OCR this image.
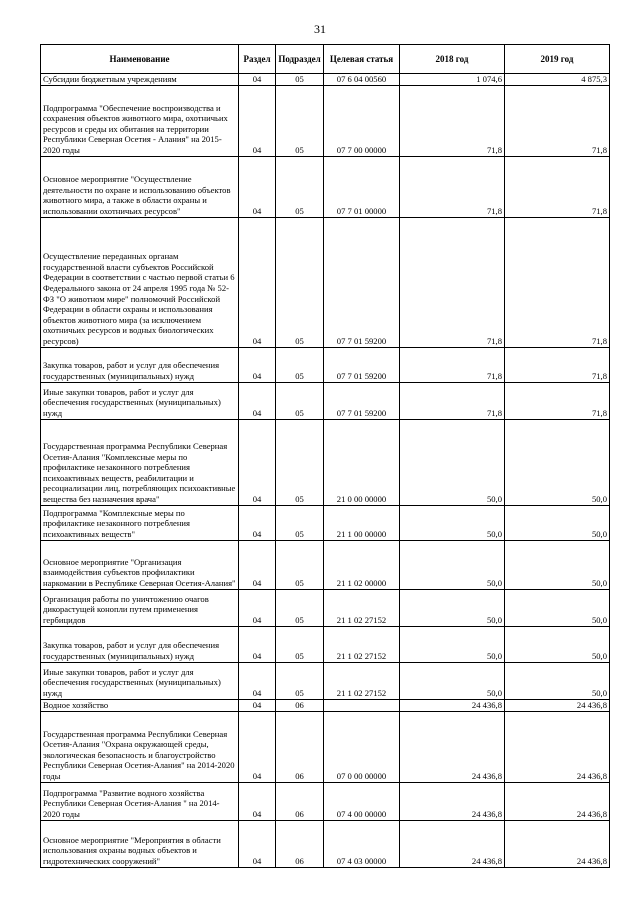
31
Наименование	Раздел	Подраздел	Целевая статья	2018 год	2019 год
Субсидии бюджетным учреждениям	04	05	07 6 04 00560	1 074,6	4 875,3
Подпрограмма "Обеспечение воспроизводства и сохранения объектов животного мира, охотничьих ресурсов и среды их обитания на территории Республики Северная Осетия - Алания" на 2015-2020 годы	04	05	07 7 00 00000	71,8	71,8
Основное мероприятие "Осуществление деятельности по охране и использованию объектов животного мира, а также в области охраны и использовании охотничьих ресурсов"	04	05	07 7 01 00000	71,8	71,8
Осуществление переданных органам государственной власти субъектов Российской Федерации в соответствии с частью первой статьи 6 Федерального закона от 24 апреля 1995 года № 52-ФЗ "О животном мире" полномочий Российской Федерации в области охраны и использования объектов животного мира (за исключением охотничьих ресурсов и водных биологических ресурсов)	04	05	07 7 01 59200	71,8	71,8
Закупка товаров, работ и услуг для обеспечения государственных (муниципальных) нужд	04	05	07 7 01 59200	71,8	71,8
Иные закупки товаров, работ и услуг для обеспечения государственных (муниципальных) нужд	04	05	07 7 01 59200	71,8	71,8
Государственная программа Республики Северная Осетия-Алания "Комплексные меры по профилактике незаконного потребления психоактивных веществ, реабилитации и ресоциализации лиц, потребляющих психоактивные вещества без назначения врача"	04	05	21 0 00 00000	50,0	50,0
Подпрограмма "Комплексные меры по профилактике незаконного потребления психоактивных веществ"	04	05	21 1 00 00000	50,0	50,0
Основное мероприятие "Организация взаимодействия субъектов профилактики наркомании в Республике Северная Осетия-Алания"	04	05	21 1 02 00000	50,0	50,0
Организация работы по уничтожению очагов дикорастущей конопли путем применения гербицидов	04	05	21 1 02 27152	50,0	50,0
Закупка товаров, работ и услуг для обеспечения государственных (муниципальных) нужд	04	05	21 1 02 27152	50,0	50,0
Иные закупки товаров, работ и услуг для обеспечения государственных (муниципальных) нужд	04	05	21 1 02 27152	50,0	50,0
Водное хозяйство	04	06		24 436,8	24 436,8
Государственная программа Республики Северная Осетия-Алания "Охрана окружающей среды, экологическая безопасность и благоустройство Республики Северная Осетия-Алания" на 2014-2020 годы	04	06	07 0 00 00000	24 436,8	24 436,8
Подпрограмма "Развитие водного хозяйства Республики Северная Осетия-Алания " на 2014-2020 годы	04	06	07 4 00 00000	24 436,8	24 436,8
Основное мероприятие "Мероприятия в области использования охраны водных объектов и гидротехнических сооружений"	04	06	07 4 03 00000	24 436,8	24 436,8
